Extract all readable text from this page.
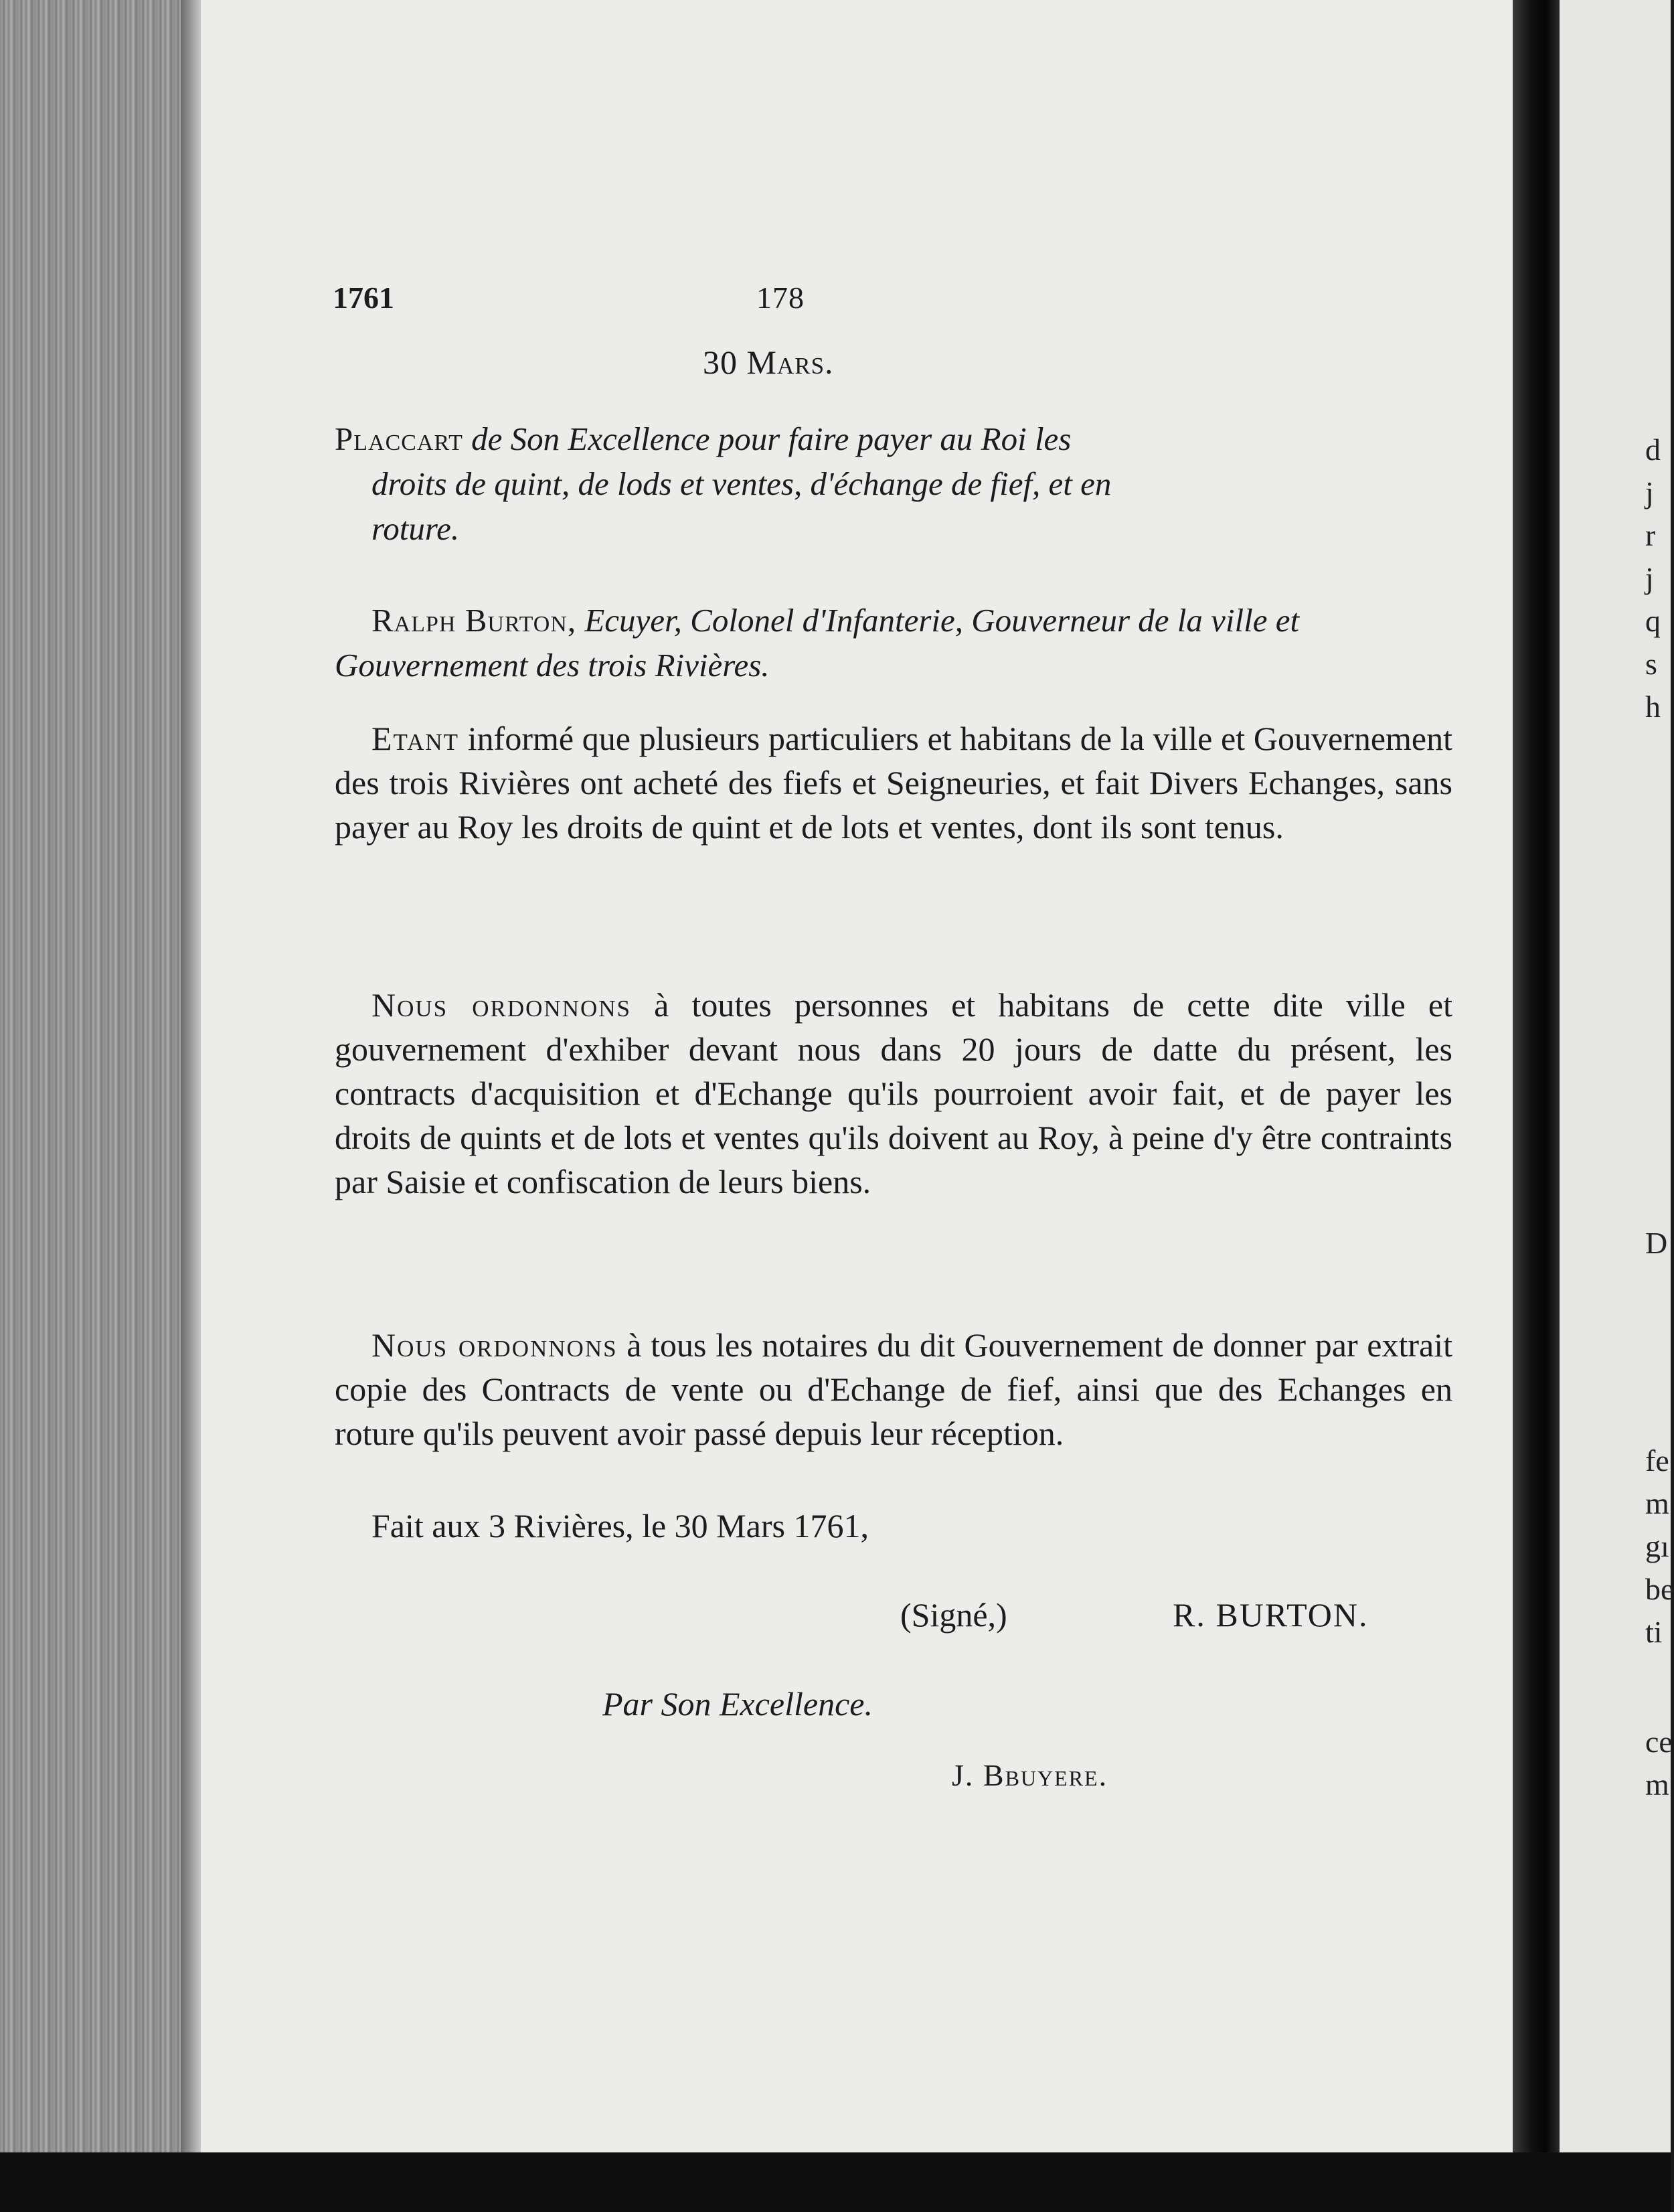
1761	178
30 Mars.
Placcart de Son Excellence pour faire payer au Roi les
droits de quint, de lods et ventes, d'échange de fief, et en
roture.
Ralph Burton, Ecuyer, Colonel d'Infanterie, Gouverneur de la ville et Gouvernement des trois Rivières.
Etant informé que plusieurs particuliers et habitans de la ville et Gouvernement des trois Rivières ont acheté des fiefs et Seigneuries, et fait Divers Echanges, sans payer au Roy les droits de quint et de lots et ventes, dont ils sont tenus.
Nous ordonnons à toutes personnes et habitans de cette dite ville et gouvernement d'exhiber devant nous dans 20 jours de datte du présent, les contracts d'acquisition et d'Echange qu'ils pourroient avoir fait, et de payer les droits de quints et de lots et ventes qu'ils doivent au Roy, à peine d'y être contraints par Saisie et confiscation de leurs biens.
Nous ordonnons à tous les notaires du dit Gouvernement de donner par extrait copie des Contracts de vente ou d'Echange de fief, ainsi que des Echanges en roture qu'ils peuvent avoir passé depuis leur réception.
Fait aux 3 Rivières, le 30 Mars 1761,
(Signé,)	R. BURTON.
Par Son Excellence.
J. Bbuyere.
d
j
r
j
q
s
h
D
fe
m
gı
be
ti
ce
m
